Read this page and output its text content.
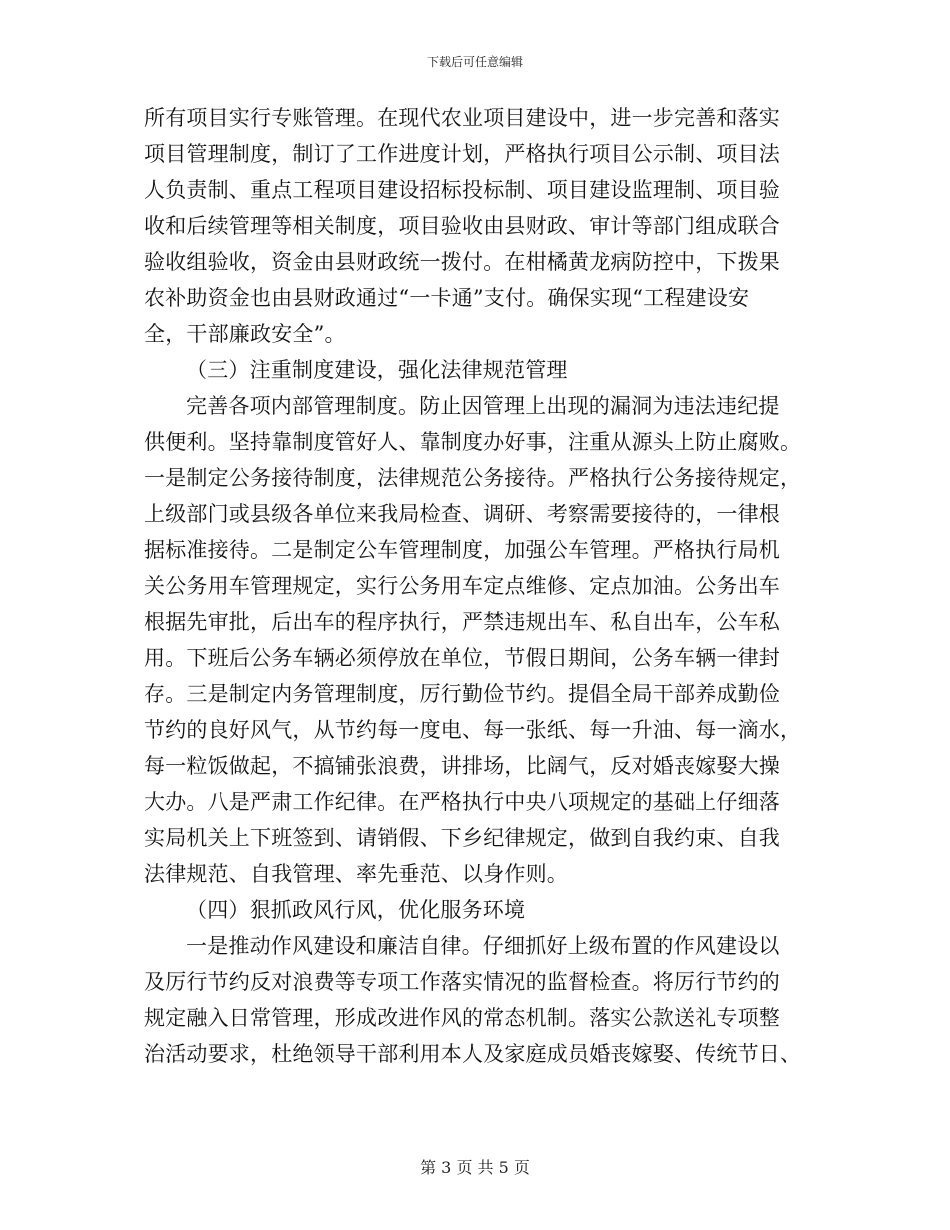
下载后可任意编辑
所有项目实行专账管理。在现代农业项目建设中，进一步完善和落实
项目管理制度，制订了工作进度计划，严格执行项目公示制、项目法
人负责制、重点工程项目建设招标投标制、项目建设监理制、项目验
收和后续管理等相关制度，项目验收由县财政、审计等部门组成联合
验收组验收，资金由县财政统一拨付。在柑橘黄龙病防控中，下拨果
农补助资金也由县财政通过“一卡通”支付。确保实现“工程建设安
全，干部廉政安全”。
（三）注重制度建设，强化法律规范管理
完善各项内部管理制度。防止因管理上出现的漏洞为违法违纪提
供便利。坚持靠制度管好人、靠制度办好事，注重从源头上防止腐败。
一是制定公务接待制度，法律规范公务接待。严格执行公务接待规定，
上级部门或县级各单位来我局检查、调研、考察需要接待的，一律根
据标准接待。二是制定公车管理制度，加强公车管理。严格执行局机
关公务用车管理规定，实行公务用车定点维修、定点加油。公务出车
根据先审批，后出车的程序执行，严禁违规出车、私自出车，公车私
用。下班后公务车辆必须停放在单位，节假日期间，公务车辆一律封
存。三是制定内务管理制度，厉行勤俭节约。提倡全局干部养成勤俭
节约的良好风气，从节约每一度电、每一张纸、每一升油、每一滴水，
每一粒饭做起，不搞铺张浪费，讲排场，比阔气，反对婚丧嫁娶大操
大办。八是严肃工作纪律。在严格执行中央八项规定的基础上仔细落
实局机关上下班签到、请销假、下乡纪律规定，做到自我约束、自我
法律规范、自我管理、率先垂范、以身作则。
（四）狠抓政风行风，优化服务环境
一是推动作风建设和廉洁自律。仔细抓好上级布置的作风建设以
及厉行节约反对浪费等专项工作落实情况的监督检查。将厉行节约的
规定融入日常管理，形成改进作风的常态机制。落实公款送礼专项整
治活动要求，杜绝领导干部利用本人及家庭成员婚丧嫁娶、传统节日、
第 3 页 共 5 页
